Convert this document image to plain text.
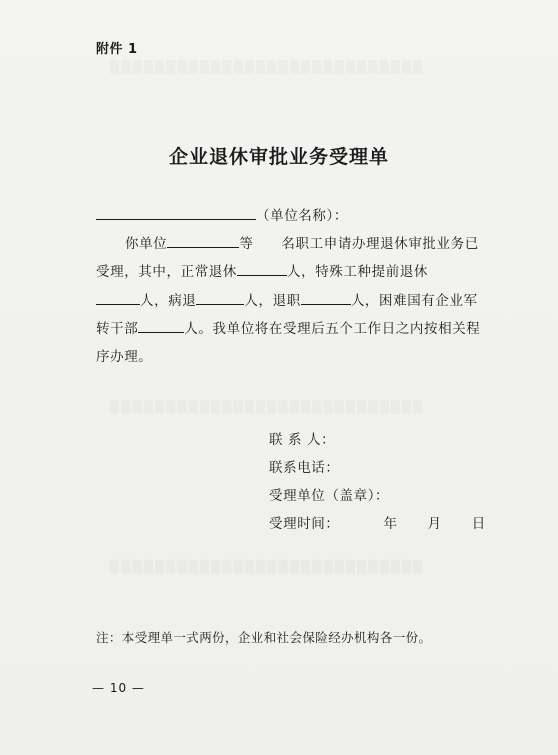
▒▒▒▒▒▒▒▒▒▒▒▒▒▒▒▒▒▒▒▒▒▒▒▒▒▒▒▒
▒▒▒▒▒▒▒▒▒▒▒▒▒▒▒▒▒▒▒▒▒▒▒▒▒▒▒▒
▒▒▒▒▒▒▒▒▒▒▒▒▒▒▒▒▒▒▒▒▒▒▒▒▒▒▒▒
附件 1
企业退休审批业务受理单
（单位名称）：
你单位	等 名职工申请办理退休审批业务已
受理，其中，正常退休	人，特殊工种提前退休
人，病退	人，退职	人，困难国有企业军
转干部	人。我单位将在受理后五个工作日之内按相关程
序办理。
联 系 人：
联系电话：
受理单位（盖章）：
受理时间：	年 月 日
注：本受理单一式两份，企业和社会保险经办机构各一份。
— 10 —
